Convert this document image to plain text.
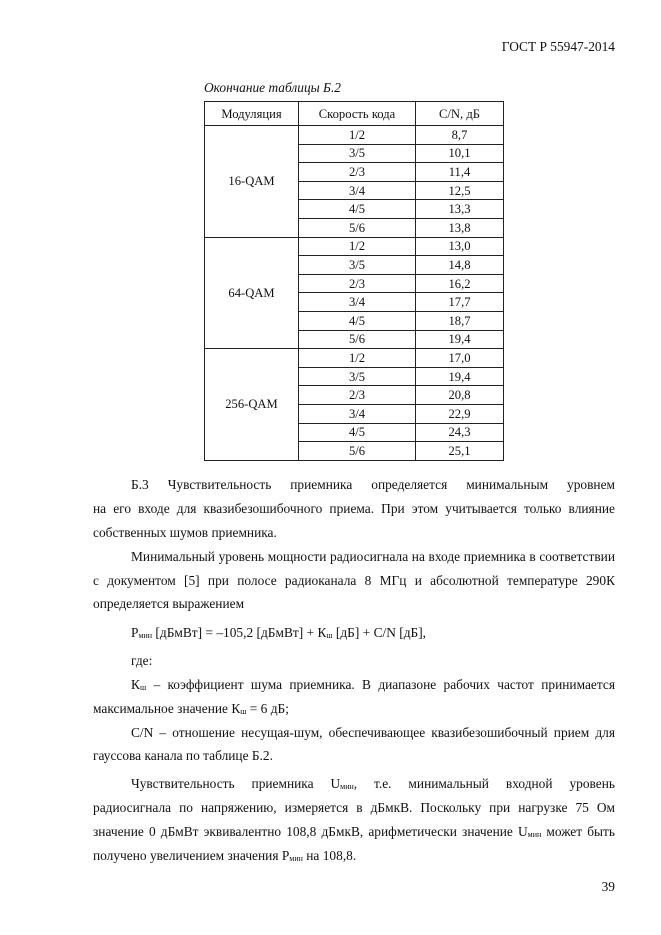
ГОСТ Р 55947-2014
Окончание таблицы Б.2
Модуляция	Скорость кода	C/N, дБ
16-QAM	1/2	8,7
	3/5	10,1
	2/3	11,4
	3/4	12,5
	4/5	13,3
	5/6	13,8
64-QAM	1/2	13,0
	3/5	14,8
	2/3	16,2
	3/4	17,7
	4/5	18,7
	5/6	19,4
256-QAM	1/2	17,0
	3/5	19,4
	2/3	20,8
	3/4	22,9
	4/5	24,3
	5/6	25,1
Б.3 Чувствительность приемника определяется минимальным уровнем
на его входе для квазибезошибочного приема. При этом учитывается только влияние
собственных шумов приемника.
Минимальный уровень мощности радиосигнала на входе приемника в соответствии
с документом [5] при полосе радиоканала 8 МГц и абсолютной температуре 290К
определяется выражением
$P_{мин}$ [дБмВт] = –105,2 [дБмВт] + $К_ш$ [дБ] + C/N [дБ],
где:
$К_ш$ – коэффициент шума приемника. В диапазоне рабочих частот принимается
максимальное значение $К_ш = 6$ дБ;
C/N – отношение несущая-шум, обеспечивающее квазибезошибочный прием для
гауссова канала по таблице Б.2.
Чувствительность приемника $U_{мин}$, т.е. минимальный входной уровень
радиосигнала по напряжению, измеряется в дБмкВ. Поскольку при нагрузке 75 Ом
значение 0 дБмВт эквивалентно 108,8 дБмкВ, арифметически значение $U_{мин}$ может быть
получено увеличением значения $P_{мин}$ на 108,8.
39
